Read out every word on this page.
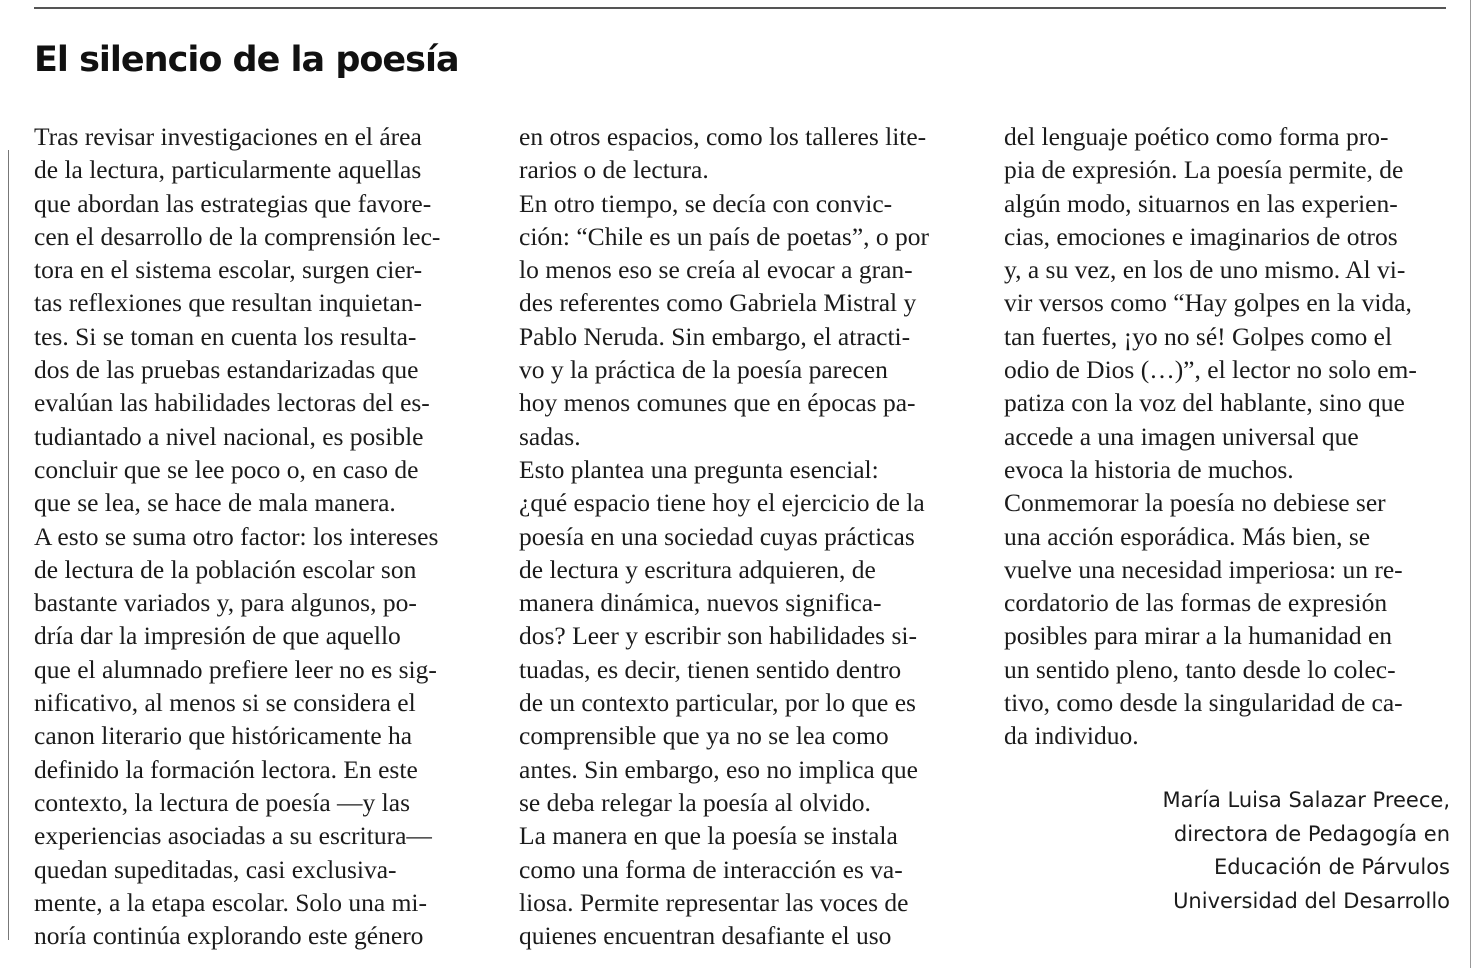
El silencio de la poesía
Tras revisar investigaciones en el área
de la lectura, particularmente aquellas
que abordan las estrategias que favore-
cen el desarrollo de la comprensión lec-
tora en el sistema escolar, surgen cier-
tas reflexiones que resultan inquietan-
tes. Si se toman en cuenta los resulta-
dos de las pruebas estandarizadas que
evalúan las habilidades lectoras del es-
tudiantado a nivel nacional, es posible
concluir que se lee poco o, en caso de
que se lea, se hace de mala manera.
A esto se suma otro factor: los intereses
de lectura de la población escolar son
bastante variados y, para algunos, po-
dría dar la impresión de que aquello
que el alumnado prefiere leer no es sig-
nificativo, al menos si se considera el
canon literario que históricamente ha
definido la formación lectora. En este
contexto, la lectura de poesía —y las
experiencias asociadas a su escritura—
quedan supeditadas, casi exclusiva-
mente, a la etapa escolar. Solo una mi-
noría continúa explorando este género
en otros espacios, como los talleres lite-
rarios o de lectura.
En otro tiempo, se decía con convic-
ción: “Chile es un país de poetas”, o por
lo menos eso se creía al evocar a gran-
des referentes como Gabriela Mistral y
Pablo Neruda. Sin embargo, el atracti-
vo y la práctica de la poesía parecen
hoy menos comunes que en épocas pa-
sadas.
Esto plantea una pregunta esencial:
¿qué espacio tiene hoy el ejercicio de la
poesía en una sociedad cuyas prácticas
de lectura y escritura adquieren, de
manera dinámica, nuevos significa-
dos? Leer y escribir son habilidades si-
tuadas, es decir, tienen sentido dentro
de un contexto particular, por lo que es
comprensible que ya no se lea como
antes. Sin embargo, eso no implica que
se deba relegar la poesía al olvido.
La manera en que la poesía se instala
como una forma de interacción es va-
liosa. Permite representar las voces de
quienes encuentran desafiante el uso
del lenguaje poético como forma pro-
pia de expresión. La poesía permite, de
algún modo, situarnos en las experien-
cias, emociones e imaginarios de otros
y, a su vez, en los de uno mismo. Al vi-
vir versos como “Hay golpes en la vida,
tan fuertes, ¡yo no sé! Golpes como el
odio de Dios (…)”, el lector no solo em-
patiza con la voz del hablante, sino que
accede a una imagen universal que
evoca la historia de muchos.
Conmemorar la poesía no debiese ser
una acción esporádica. Más bien, se
vuelve una necesidad imperiosa: un re-
cordatorio de las formas de expresión
posibles para mirar a la humanidad en
un sentido pleno, tanto desde lo colec-
tivo, como desde la singularidad de ca-
da individuo.
María Luisa Salazar Preece,
directora de Pedagogía en
Educación de Párvulos
Universidad del Desarrollo
